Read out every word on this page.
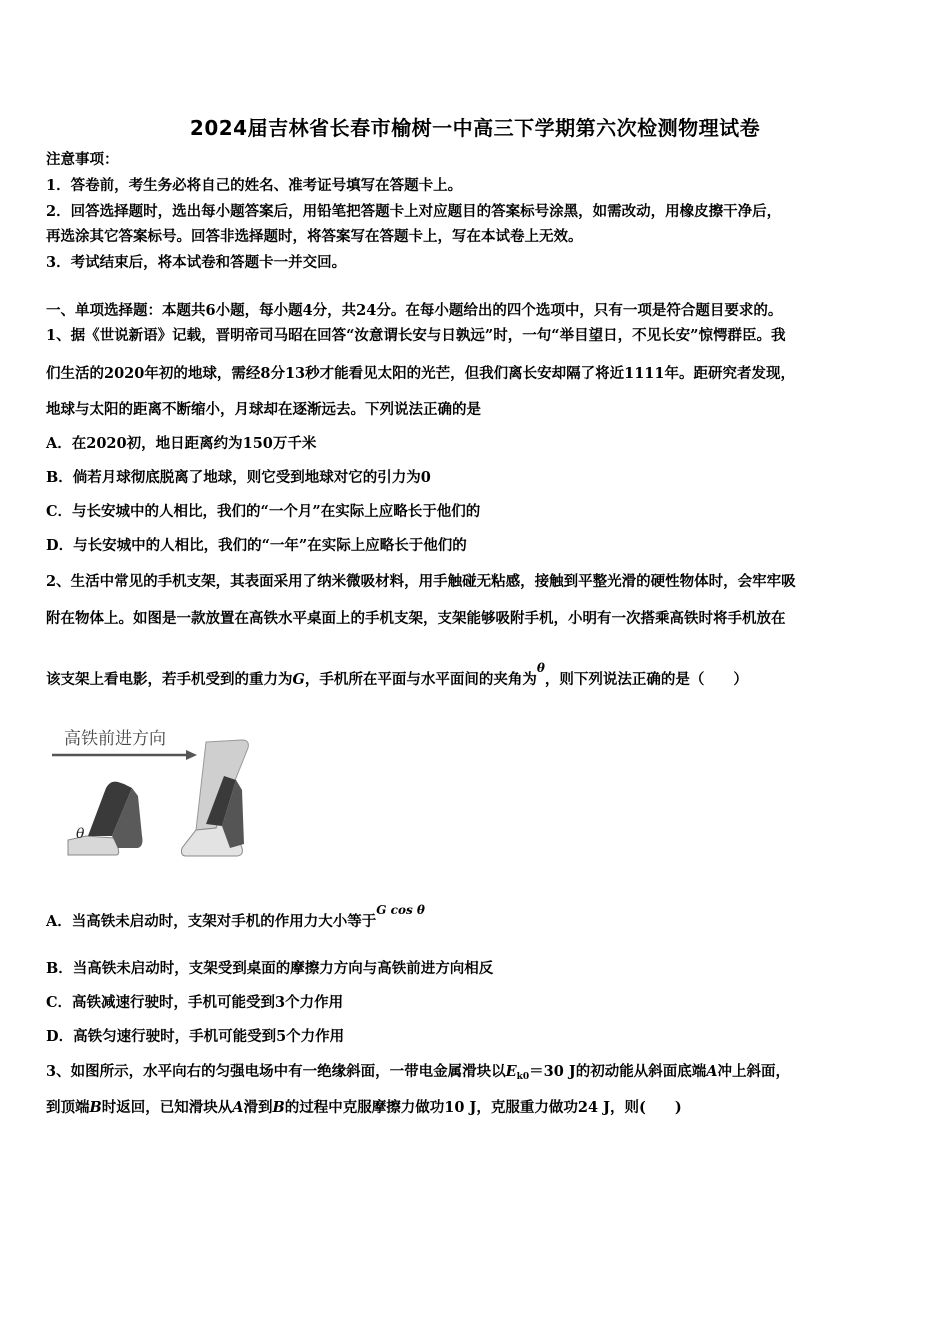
2024届吉林省长春市榆树一中高三下学期第六次检测物理试卷
注意事项：
1．答卷前，考生务必将自己的姓名、准考证号填写在答题卡上。
2．回答选择题时，选出每小题答案后，用铅笔把答题卡上对应题目的答案标号涂黑，如需改动，用橡皮擦干净后，
再选涂其它答案标号。回答非选择题时，将答案写在答题卡上，写在本试卷上无效。
3．考试结束后，将本试卷和答题卡一并交回。
一、单项选择题：本题共6小题，每小题4分，共24分。在每小题给出的四个选项中，只有一项是符合题目要求的。
1、据《世说新语》记载，晋明帝司马昭在回答“汝意谓长安与日孰远”时，一句“举目望日，不见长安”惊愕群臣。我
们生活的2020年初的地球，需经8分13秒才能看见太阳的光芒，但我们离长安却隔了将近1111年。距研究者发现，
地球与太阳的距离不断缩小，月球却在逐渐远去。下列说法正确的是
A．在2020初，地日距离约为150万千米
B．倘若月球彻底脱离了地球，则它受到地球对它的引力为0
C．与长安城中的人相比，我们的“一个月”在实际上应略长于他们的
D．与长安城中的人相比，我们的“一年”在实际上应略长于他们的
2、生活中常见的手机支架，其表面采用了纳米微吸材料，用手触碰无粘感，接触到平整光滑的硬性物体时，会牢牢吸
附在物体上。如图是一款放置在高铁水平桌面上的手机支架，支架能够吸附手机，小明有一次搭乘高铁时将手机放在
该支架上看电影，若手机受到的重力为G，手机所在平面与水平面间的夹角为$^\theta$，则下列说法正确的是（　　）
高铁前进方向
θ
A．当高铁未启动时，支架对手机的作用力大小等于$^{G cos \theta}$
B．当高铁未启动时，支架受到桌面的摩擦力方向与高铁前进方向相反
C．高铁减速行驶时，手机可能受到3个力作用
D．高铁匀速行驶时，手机可能受到5个力作用
3、如图所示，水平向右的匀强电场中有一绝缘斜面，一带电金属滑块以$E_{k0}=30$ J的初动能从斜面底端A冲上斜面，
到顶端B时返回，已知滑块从A滑到B的过程中克服摩擦力做功10 J，克服重力做功24 J，则(　　)
